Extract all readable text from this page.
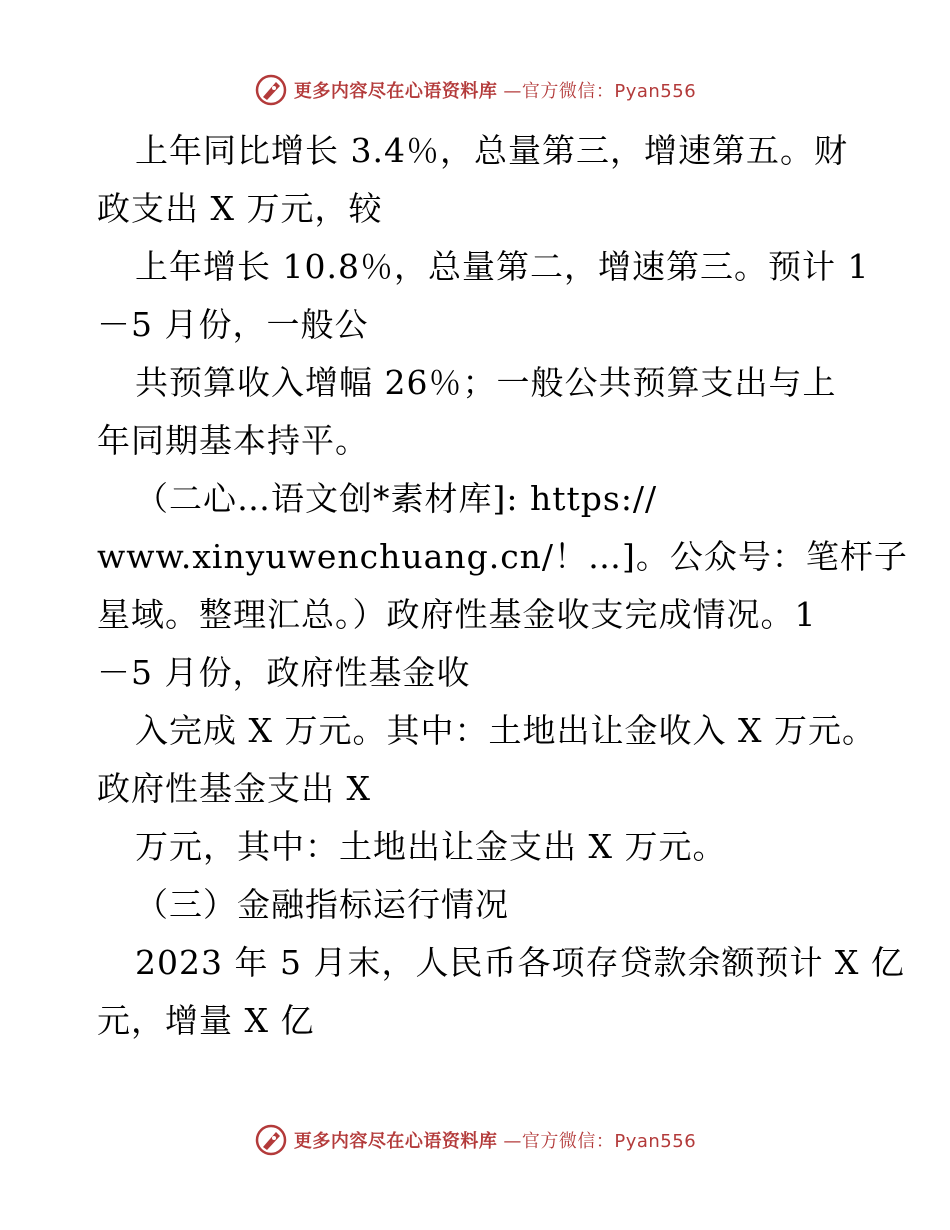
更多内容尽在心语资料库 —官方微信：Pyan556
上年同比增长 3.4％，总量第三，增速第五。财
政支出 X 万元，较
上年增长 10.8％，总量第二，增速第三。预计 1
－5 月份，一般公
共预算收入增幅 26％；一般公共预算支出与上
年同期基本持平。
（二心…语文创*素材库]: https://
www.xinyuwenchuang.cn/！…]。公众号：笔杆子
星域。整理汇总。）政府性基金收支完成情况。1
－5 月份，政府性基金收
入完成 X 万元。其中：土地出让金收入 X 万元。
政府性基金支出 X
万元，其中：土地出让金支出 X 万元。
（三）金融指标运行情况
2023 年 5 月末，人民币各项存贷款余额预计 X 亿
元，增量 X 亿
更多内容尽在心语资料库 —官方微信：Pyan556
